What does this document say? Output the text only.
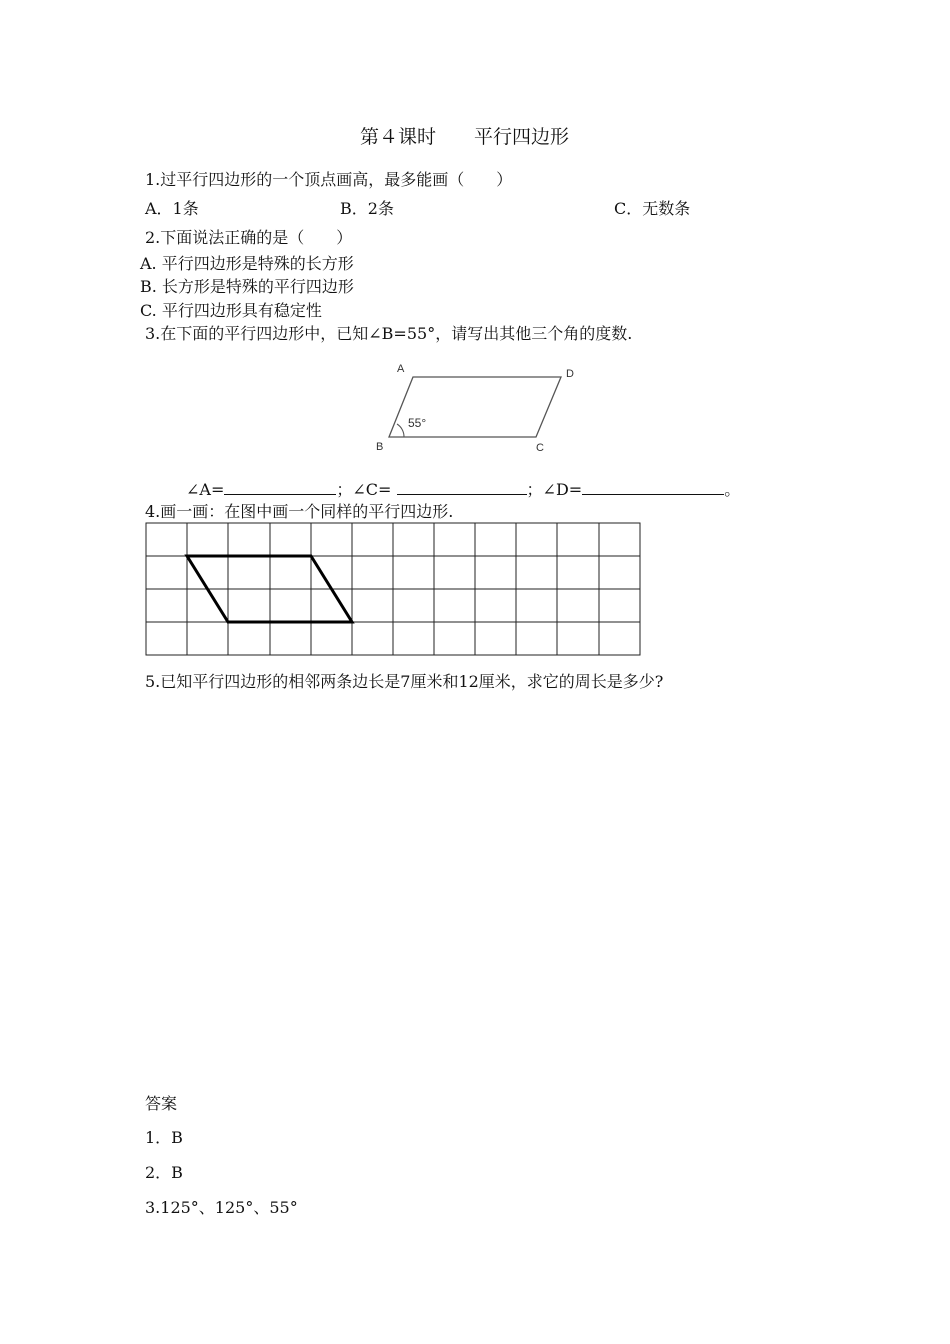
第４课时　　平行四边形
1.过平行四边形的一个顶点画高，最多能画（　　）
A．1条	B．2条	C．无数条
2.下面说法正确的是（　　）
A. 平行四边形是特殊的长方形
B. 长方形是特殊的平行四边形
C. 平行四边形具有稳定性
3.在下面的平行四边形中，已知∠B=55°，请写出其他三个角的度数.
A	D
B	C
55°
∠A=	；∠C=	；∠D=	。
4.画一画：在图中画一个同样的平行四边形.
5.已知平行四边形的相邻两条边长是7厘米和12厘米，求它的周长是多少?
答案
1．B
2．B
3.125°、125°、55°
